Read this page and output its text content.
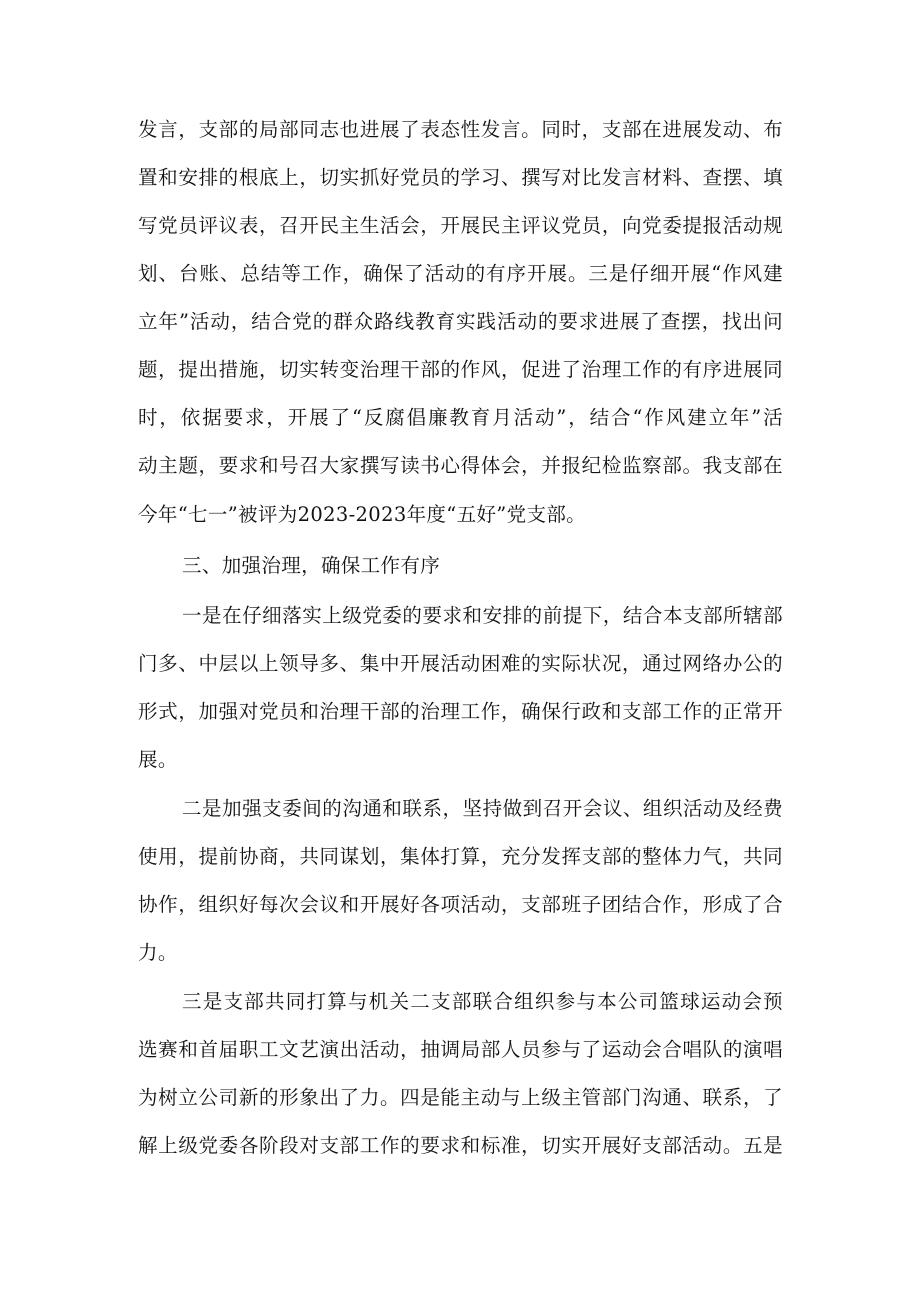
发言，支部的局部同志也进展了表态性发言。同时，支部在进展发动、布
置和安排的根底上，切实抓好党员的学习、撰写对比发言材料、查摆、填
写党员评议表，召开民主生活会，开展民主评议党员，向党委提报活动规
划、台账、总结等工作，确保了活动的有序开展。三是仔细开展“作风建
立年”活动，结合党的群众路线教育实践活动的要求进展了查摆，找出问
题，提出措施，切实转变治理干部的作风，促进了治理工作的有序进展同
时，依据要求，开展了“反腐倡廉教育月活动”，结合“作风建立年”活
动主题，要求和号召大家撰写读书心得体会，并报纪检监察部。我支部在
今年“七一”被评为2023-2023年度“五好”党支部。
三、加强治理，确保工作有序
一是在仔细落实上级党委的要求和安排的前提下，结合本支部所辖部
门多、中层以上领导多、集中开展活动困难的实际状况，通过网络办公的
形式，加强对党员和治理干部的治理工作，确保行政和支部工作的正常开
展。
二是加强支委间的沟通和联系，坚持做到召开会议、组织活动及经费
使用，提前协商，共同谋划，集体打算，充分发挥支部的整体力气，共同
协作，组织好每次会议和开展好各项活动，支部班子团结合作，形成了合
力。
三是支部共同打算与机关二支部联合组织参与本公司篮球运动会预
选赛和首届职工文艺演出活动，抽调局部人员参与了运动会合唱队的演唱
为树立公司新的形象出了力。四是能主动与上级主管部门沟通、联系，了
解上级党委各阶段对支部工作的要求和标准，切实开展好支部活动。五是
